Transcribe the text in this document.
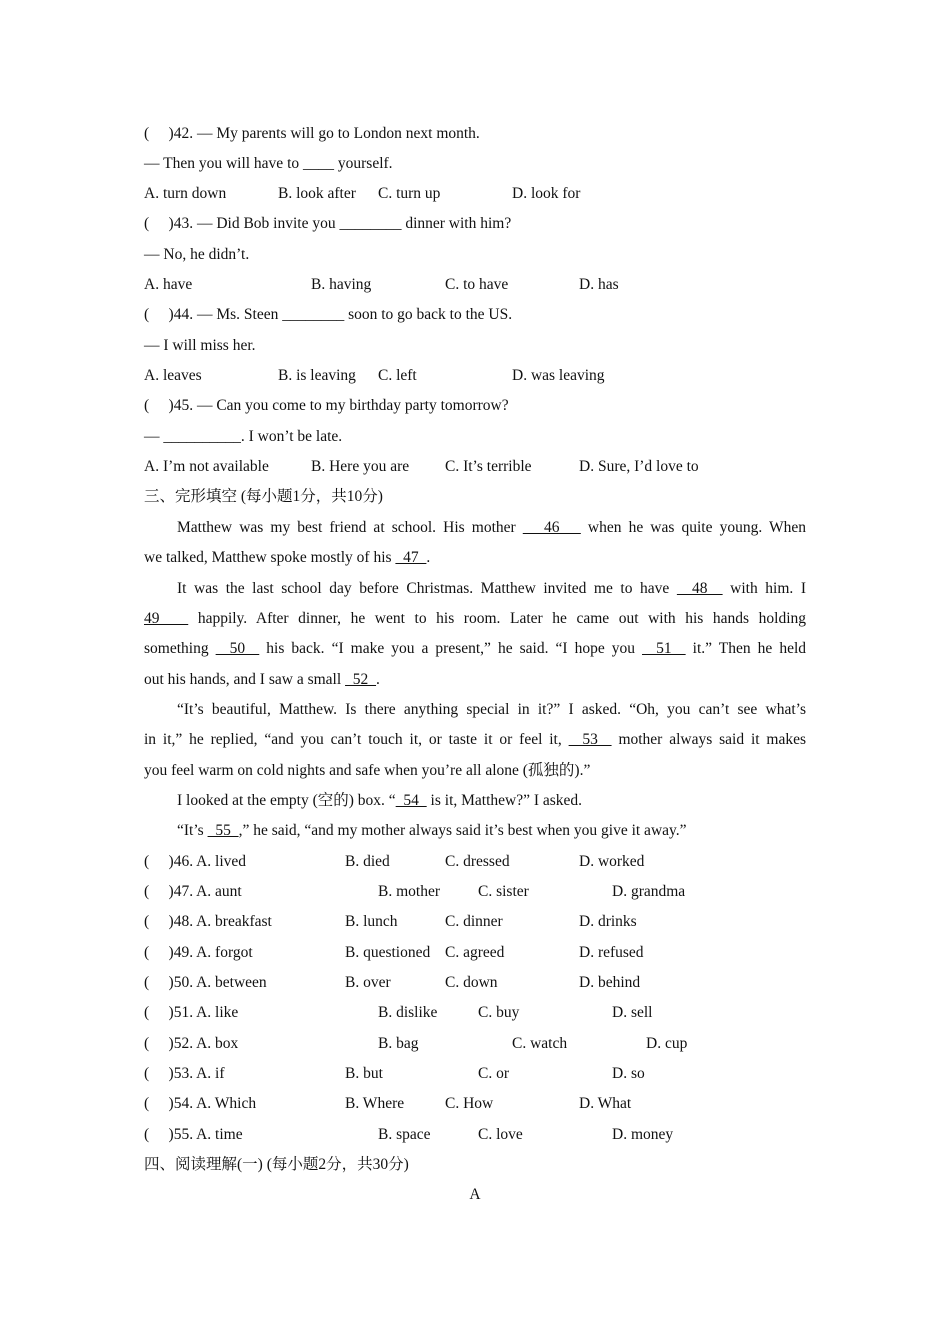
(     )42. — My parents will go to London next month.
— Then you will have to ____ yourself.
A. turn down	B. look after C. turn up	D. look for
(     )43. — Did Bob invite you ________ dinner with him?
— No, he didn’t.
A. have	B. having	C. to have	D. has
(     )44. — Ms. Steen ________ soon to go back to the US.
— I will miss her.
A. leaves	B. is leaving C. left	D. was leaving
(     )45. — Can you come to my birthday party tomorrow?
— __________. I won’t be late.
A. I’m not available	B. Here you are C. It’s terrible	D. Sure, I’d love to
三、完形填空 (每小题1分，共10分)
Matthew was my best friend at school. His mother    46    when he was quite young. When
we talked, Matthew spoke mostly of his   47  .
It was the last school day before Christmas. Matthew invited me to have   48   with him. I
49    happily. After dinner, he went to his room. Later he came out with his hands holding
something   50   his back. “I make you a present,” he said. “I hope you   51   it.” Then he held
out his hands, and I saw a small   52  .
“It’s beautiful, Matthew. Is there anything special in it?” I asked. “Oh, you can’t see what’s
in it,” he replied, “and you can’t touch it, or taste it or feel it,   53   mother always said it makes
you feel warm on cold nights and safe when you’re all alone (孤独的).”
I looked at the empty (空的) box. “  54   is it, Matthew?” I asked.
“It’s   55  ,” he said, “and my mother always said it’s best when you give it away.”
(     )46. A. lived	B. died	C. dressed	D. worked
(     )47. A. aunt	B. mother C. sister	D. grandma
(     )48. A. breakfast	B. lunch	C. dinner	D. drinks
(     )49. A. forgot	B. questioned C. agreed	D. refused
(     )50. A. between	B. over	C. down	D. behind
(     )51. A. like	B. dislike	C. buy	D. sell
(     )52. A. box	B. bag	C. watch	D. cup
(     )53. A. if	B. but	C. or	D. so
(     )54. A. Which	B. Where	C. How	D. What
(     )55. A. time	B. space	C. love	D. money
四、阅读理解(一) (每小题2分，共30分)
A
